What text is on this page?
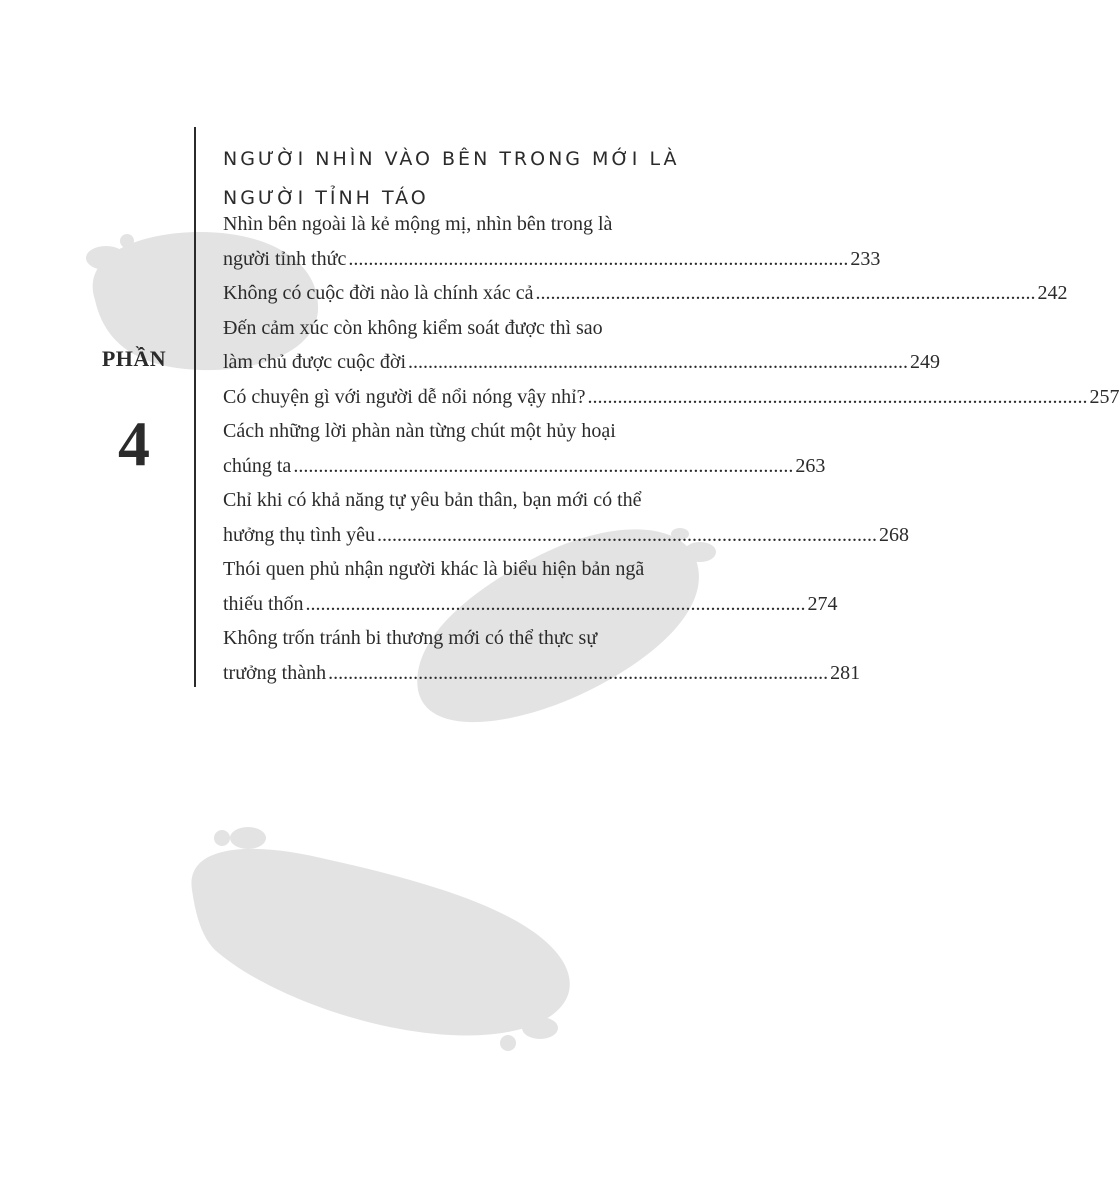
PHẦN
4
NGƯỜI NHÌN VÀO BÊN TRONG MỚI LÀ NGƯỜI TỈNH TÁO
Nhìn bên ngoài là kẻ mộng mị, nhìn bên trong là
người tỉnh thức .................................................................................................... 233
Không có cuộc đời nào là chính xác cả .................................................................................................... 242
Đến cảm xúc còn không kiểm soát được thì sao
làm chủ được cuộc đời .................................................................................................... 249
Có chuyện gì với người dễ nổi nóng vậy nhỉ? .................................................................................................... 257
Cách những lời phàn nàn từng chút một hủy hoại
chúng ta .................................................................................................... 263
Chỉ khi có khả năng tự yêu bản thân, bạn mới có thể
hưởng thụ tình yêu .................................................................................................... 268
Thói quen phủ nhận người khác là biểu hiện bản ngã
thiếu thốn .................................................................................................... 274
Không trốn tránh bi thương mới có thể thực sự
trưởng thành .................................................................................................... 281
